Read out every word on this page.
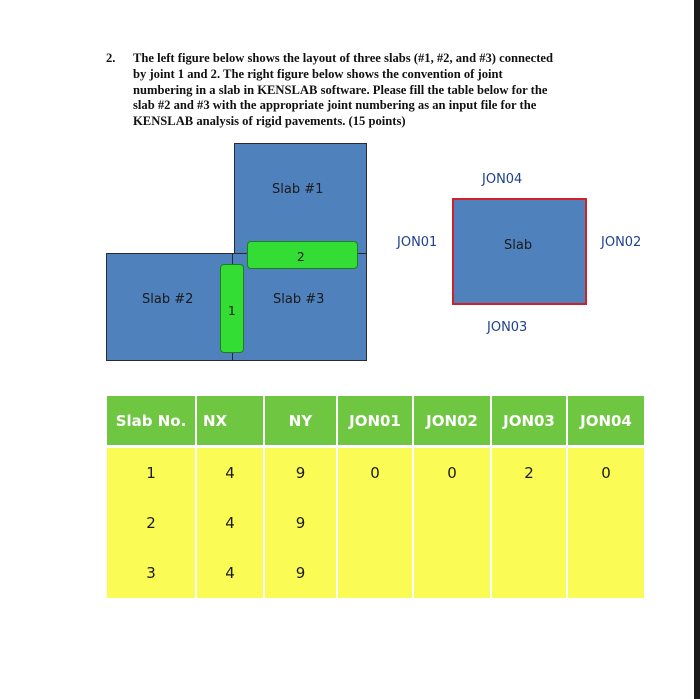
2. The left figure below shows the layout of three slabs (#1, #2, and #3) connected
by joint 1 and 2. The right figure below shows the convention of joint
numbering in a slab in KENSLAB software. Please fill the table below for the
slab #2 and #3 with the appropriate joint numbering as an input file for the
KENSLAB analysis of rigid pavements. (15 points)
Slab #1
Slab #2	Slab #3
2
1
Slab
JON04
JON01	JON02
JON03
Slab No.	NX	NY	JON01	JON02	JON03	JON04
1	4	9	0	0	2	0
2	4	9				
3	4	9				
